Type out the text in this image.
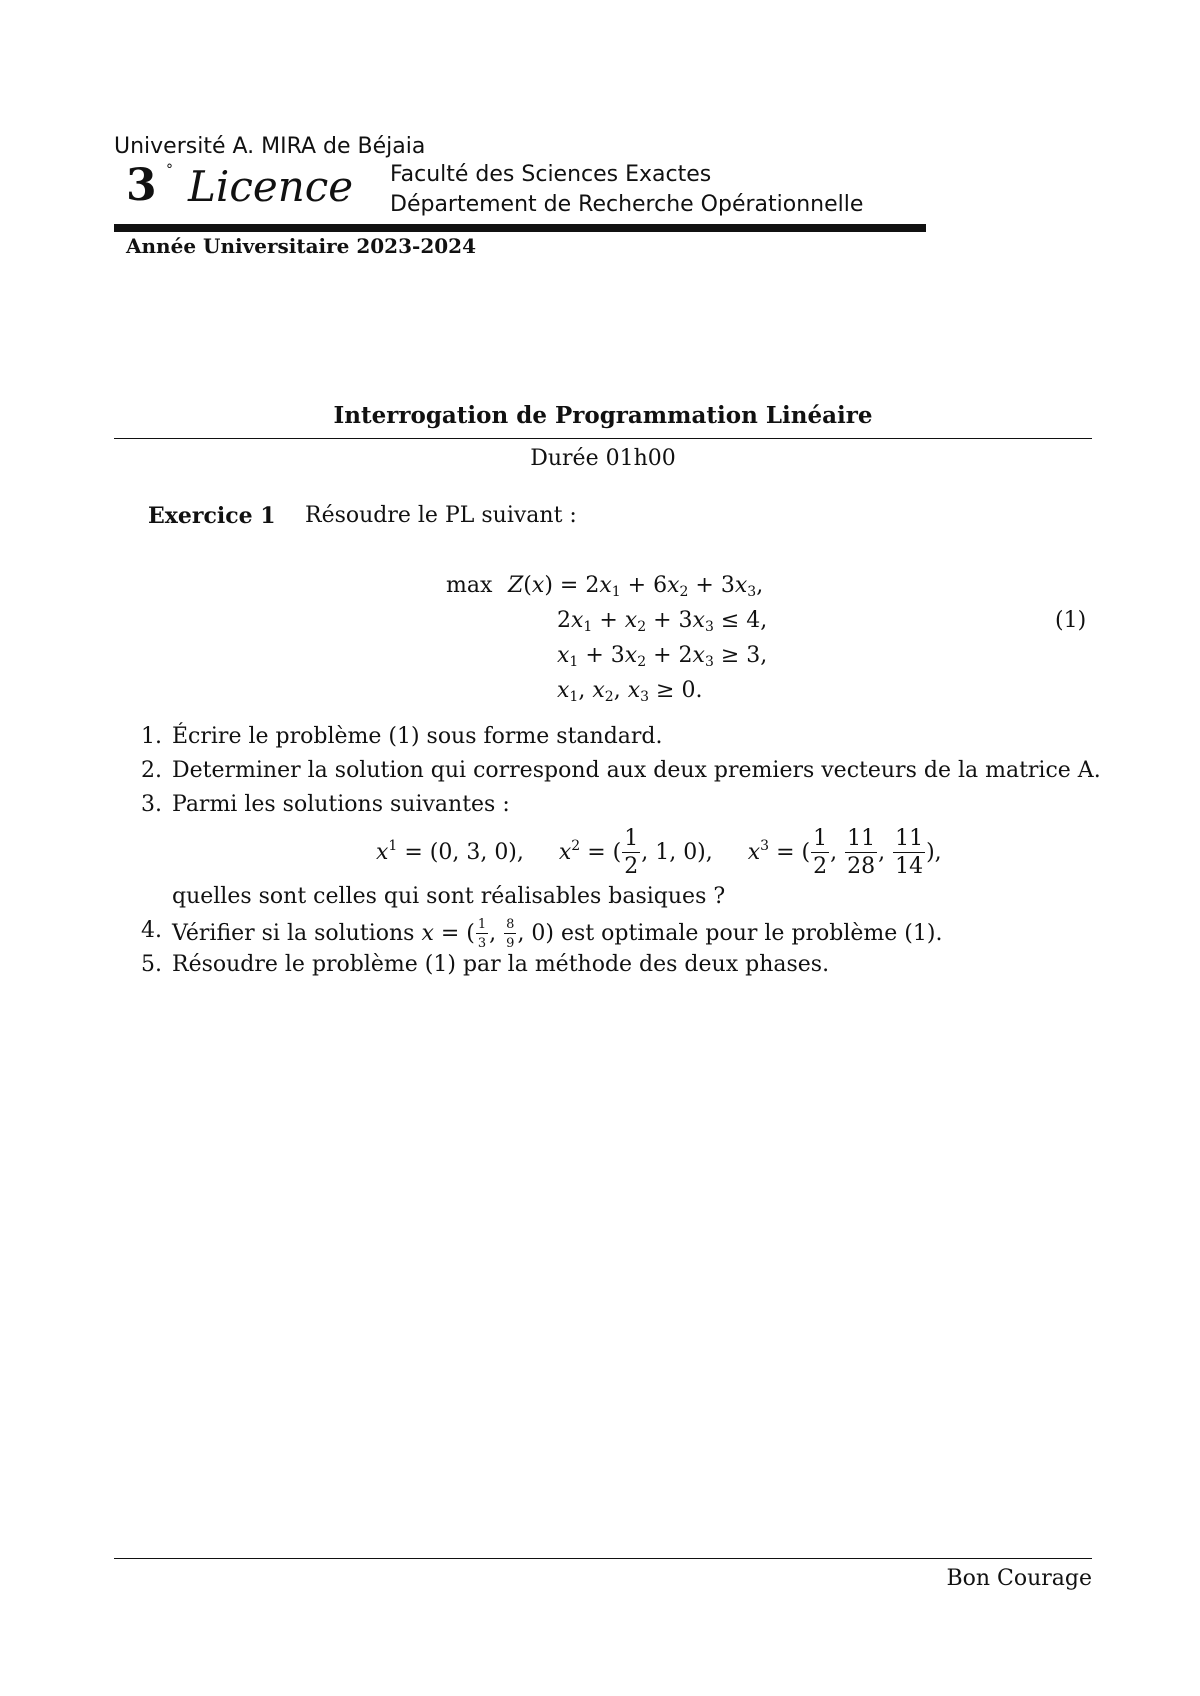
Université A. MIRA de Béjaia
3 ° Licence Faculté des Sciences Exactes
Département de Recherche Opérationnelle
Année Universitaire 2023-2024
Interrogation de Programmation Linéaire
Durée 01h00
Exercice 1 Résoudre le PL suivant :
$\max Z(x) = 2x_1 + 6x_2 + 3x_3$,
$2x_1 + x_2 + 3x_3 \le 4$,
$x_1 + 3x_2 + 2x_3 \ge 3$,
$x_1$, $x_2$, $x_3 \ge 0$.
(1)
1. Écrire le problème (1) sous forme standard.
2. Determiner la solution qui correspond aux deux premiers vecteurs de la matrice A.
3. Parmi les solutions suivantes :
$x^1 = (0$, 3, 0),     $x^2$ = ( $\frac{1}{2}$ , 1, 0),     $x^3$ = ( $\frac{1}{2}$ , $\frac{11}{28}$ , $\frac{11}{14}$ ),
quelles sont celles qui sont réalisables basiques ?
4. Vérifier si la solutions x = ( $\frac{1}{3}$ , $\frac{8}{9}$ , 0) est optimale pour le problème (1).
5. Résoudre le problème (1) par la méthode des deux phases.
Bon Courage
